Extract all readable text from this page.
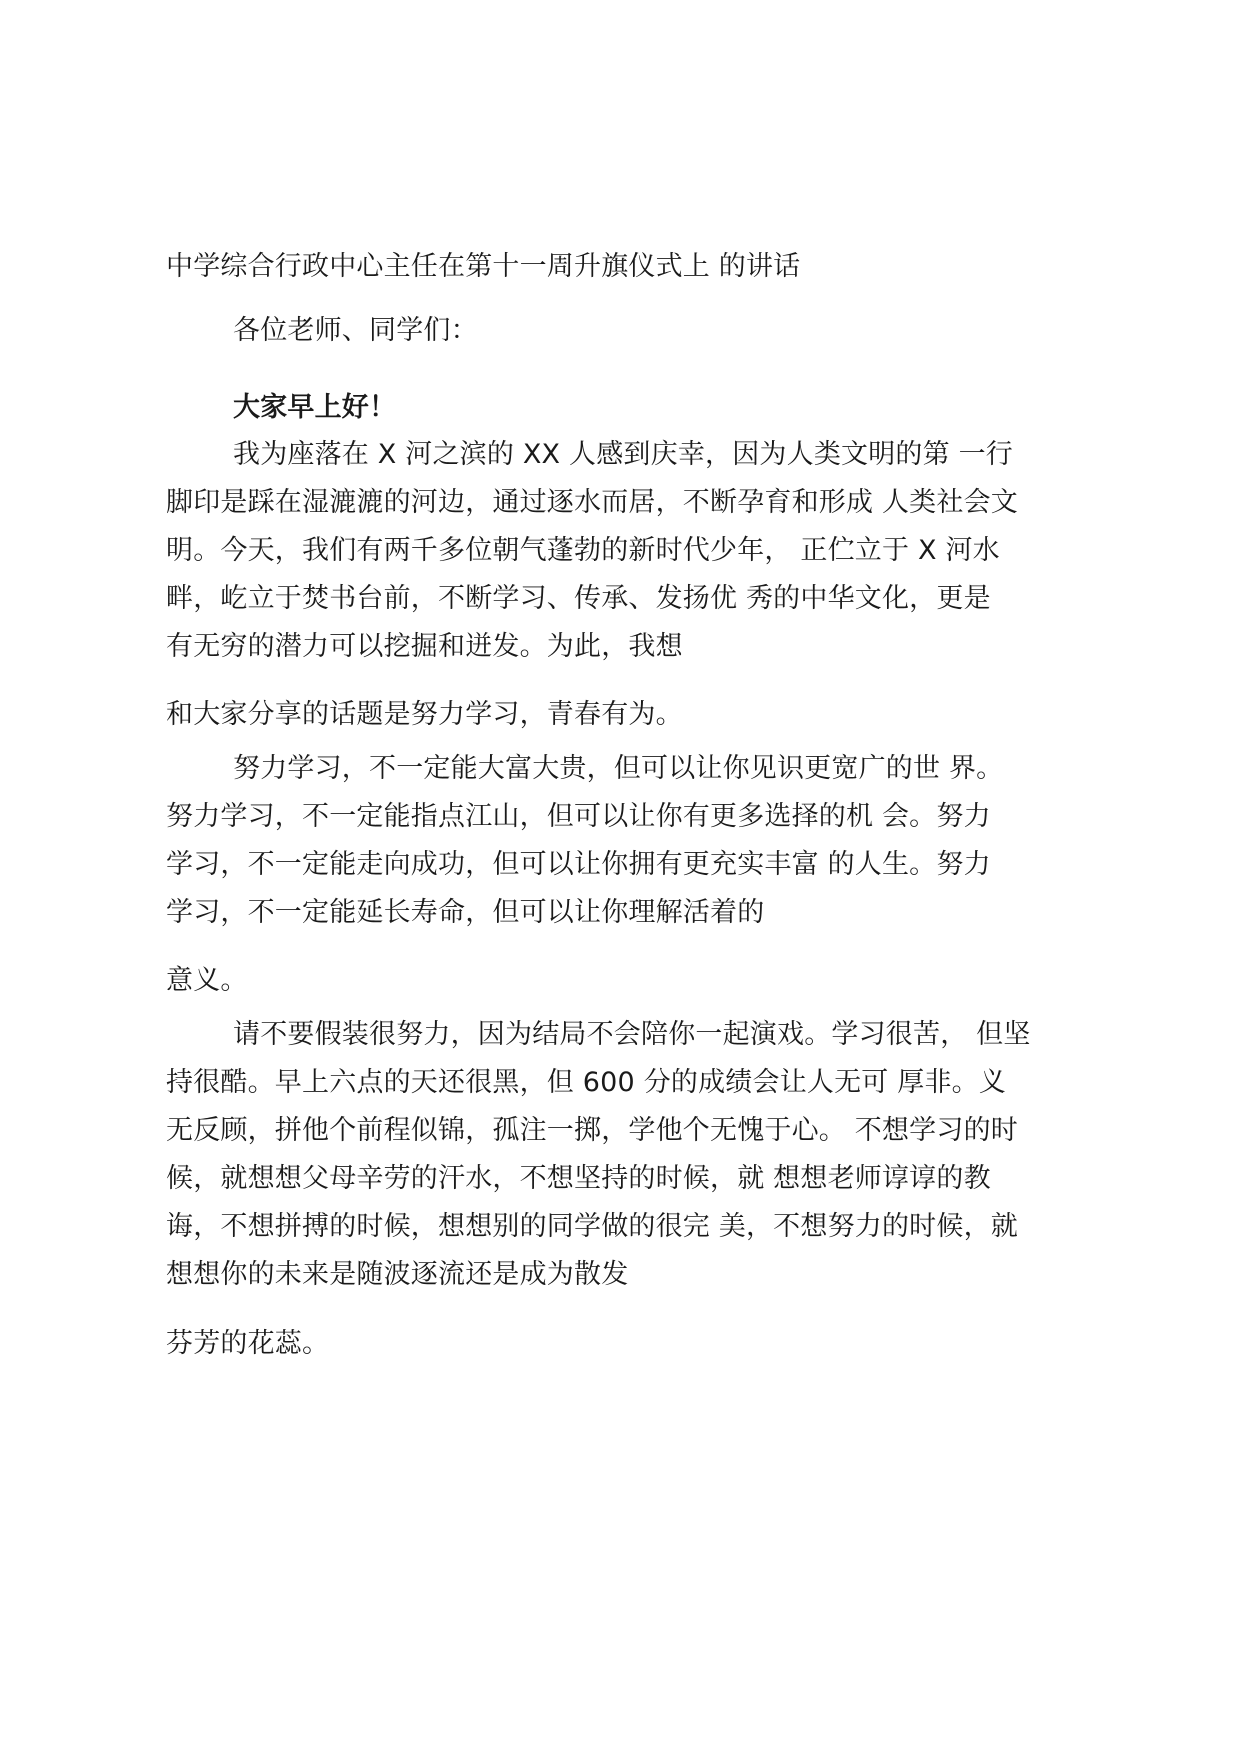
中学综合行政中心主任在第十一周升旗仪式上 的讲话
各位老师、同学们：
大家早上好！
我为座落在 X 河之滨的 XX 人感到庆幸，因为人类文明的第 一行
脚印是踩在湿漉漉的河边，通过逐水而居，不断孕育和形成 人类社会文
明。今天，我们有两千多位朝气蓬勃的新时代少年， 正伫立于 X 河水
畔，屹立于焚书台前，不断学习、传承、发扬优 秀的中华文化，更是
有无穷的潜力可以挖掘和迸发。为此，我想
和大家分享的话题是努力学习，青春有为。
努力学习，不一定能大富大贵，但可以让你见识更宽广的世 界。
努力学习，不一定能指点江山，但可以让你有更多选择的机 会。努力
学习，不一定能走向成功，但可以让你拥有更充实丰富 的人生。努力
学习，不一定能延长寿命，但可以让你理解活着的
意义。
请不要假装很努力，因为结局不会陪你一起演戏。学习很苦， 但坚
持很酷。早上六点的天还很黑，但 600 分的成绩会让人无可 厚非。义
无反顾，拼他个前程似锦，孤注一掷，学他个无愧于心。 不想学习的时
候，就想想父母辛劳的汗水，不想坚持的时候，就 想想老师谆谆的教
诲，不想拼搏的时候，想想别的同学做的很完 美，不想努力的时候，就
想想你的未来是随波逐流还是成为散发
芬芳的花蕊。
